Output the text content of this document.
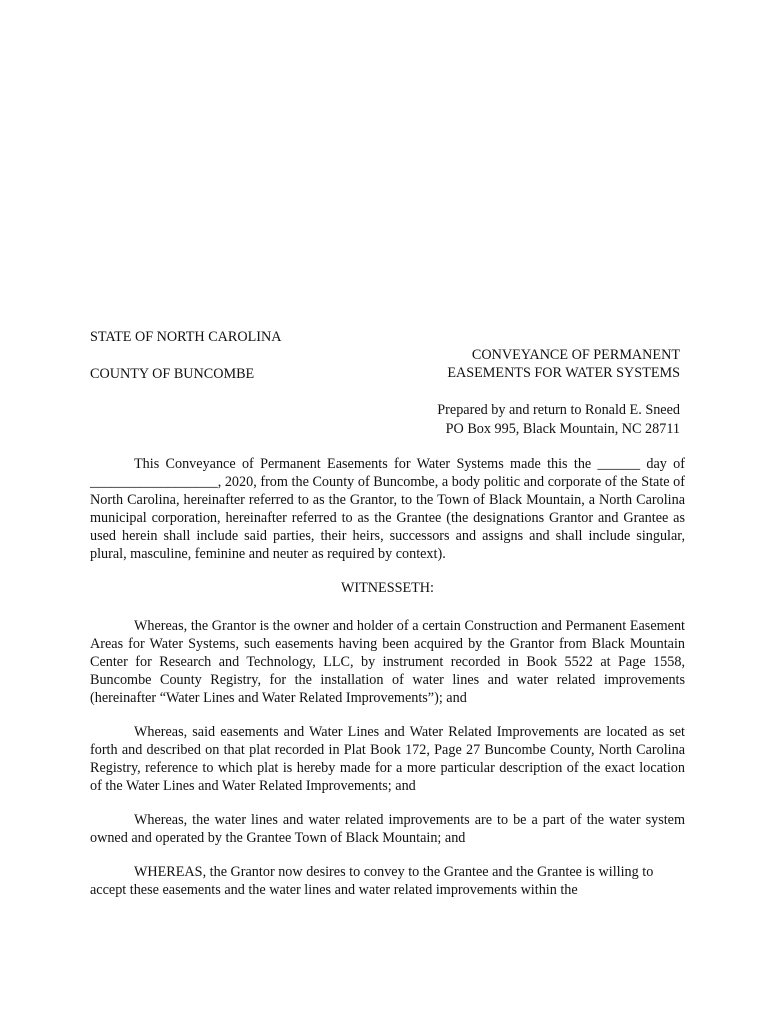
STATE OF NORTH CAROLINA
CONVEYANCE OF PERMANENT
EASEMENTS FOR WATER SYSTEMS
COUNTY OF BUNCOMBE
Prepared by and return to Ronald E. Sneed
PO Box 995, Black Mountain, NC 28711

This Conveyance of Permanent Easements for Water Systems made this the ______ day of __________________, 2020, from the County of Buncombe, a body politic and corporate of the State of North Carolina, hereinafter referred to as the Grantor, to the Town of Black Mountain, a North Carolina municipal corporation, hereinafter referred to as the Grantee (the designations Grantor and Grantee as used herein shall include said parties, their heirs, successors and assigns and shall include singular, plural, masculine, feminine and neuter as required by context).

WITNESSETH:

Whereas, the Grantor is the owner and holder of a certain Construction and Permanent Easement Areas for Water Systems, such easements having been acquired by the Grantor from Black Mountain Center for Research and Technology, LLC, by instrument recorded in Book 5522 at Page 1558, Buncombe County Registry, for the installation of water lines and water related improvements (hereinafter “Water Lines and Water Related Improvements”); and

Whereas, said easements and Water Lines and Water Related Improvements are located as set forth and described on that plat recorded in Plat Book 172, Page 27 Buncombe County, North Carolina Registry, reference to which plat is hereby made for a more particular description of the exact location of the Water Lines and Water Related Improvements; and

Whereas, the water lines and water related improvements are to be a part of the water system owned and operated by the Grantee Town of Black Mountain; and

WHEREAS, the Grantor now desires to convey to the Grantee and the Grantee is willing to accept these easements and the water lines and water related improvements within the
